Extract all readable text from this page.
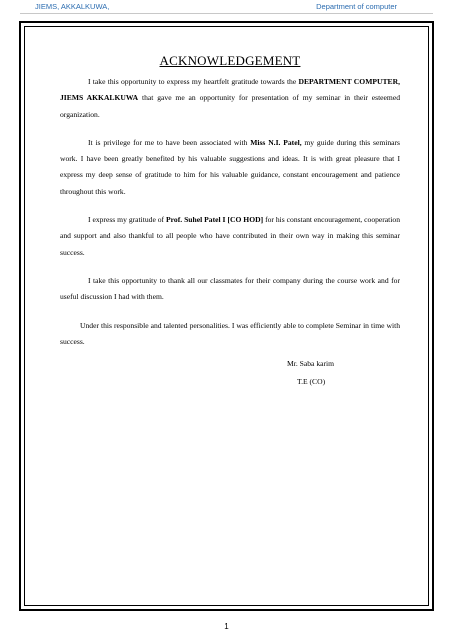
JIEMS, AKKALKUWA,	Department of computer
ACKNOWLEDGEMENT

I take this opportunity to express my heartfelt gratitude towards the DEPARTMENT COMPUTER, JIEMS AKKALKUWA that gave me an opportunity for presentation of my seminar in their esteemed organization.

It is privilege for me to have been associated with Miss N.I. Patel, my guide during this seminars work. I have been greatly benefited by his valuable suggestions and ideas. It is with great pleasure that I express my deep sense of gratitude to him for his valuable guidance, constant encouragement and patience throughout this work.

I express my gratitude of Prof. Suhel Patel I [CO HOD] for his constant encouragement, cooperation and support and also thankful to all people who have contributed in their own way in making this seminar success.

I take this opportunity to thank all our classmates for their company during the course work and for useful discussion I had with them.

Under this responsible and talented personalities. I was efficiently able to complete Seminar in time with success.

Mr. Saba karim
T.E (CO)
1
